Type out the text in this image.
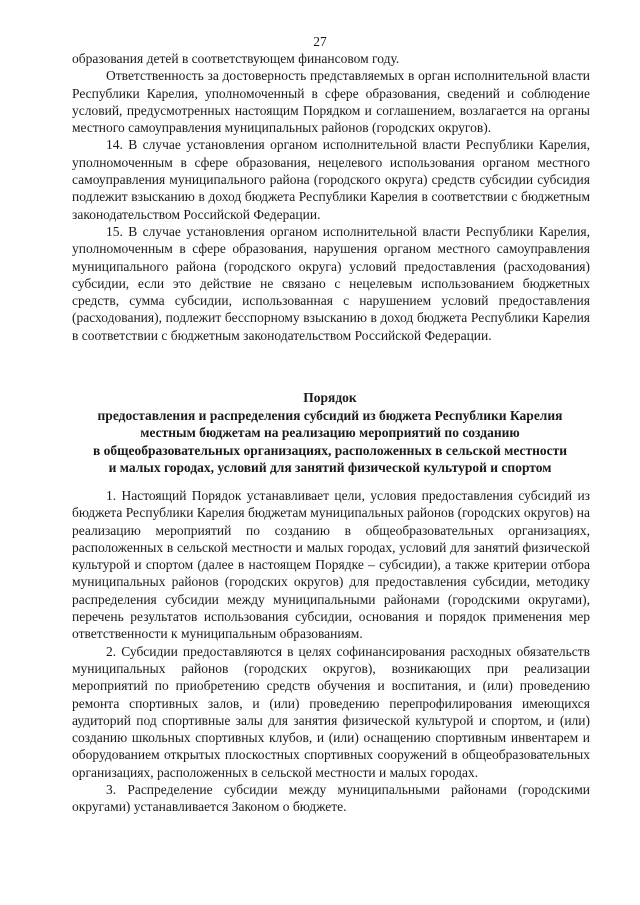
27

образования детей в соответствующем финансовом году.

Ответственность за достоверность представляемых в орган исполнительной власти Республики Карелия, уполномоченный в сфере образования, сведений и соблюдение условий, предусмотренных настоящим Порядком и соглашением, возлагается на органы местного самоуправления муниципальных районов (городских округов).

14. В случае установления органом исполнительной власти Республики Карелия, уполномоченным в сфере образования, нецелевого использования органом местного самоуправления муниципального района (городского округа) средств субсидии субсидия подлежит взысканию в доход бюджета Республики Карелия в соответствии с бюджетным законодательством Российской Федерации.

15. В случае установления органом исполнительной власти Республики Карелия, уполномоченным в сфере образования, нарушения органом местного самоуправления муниципального района (городского округа) условий предоставления (расходования) субсидии, если это действие не связано с нецелевым использованием бюджетных средств, сумма субсидии, использованная с нарушением условий предоставления (расходования), подлежит бесспорному взысканию в доход бюджета Республики Карелия в соответствии с бюджетным законодательством Российской Федерации.

Порядок
предоставления и распределения субсидий из бюджета Республики Карелия
местным бюджетам на реализацию мероприятий по созданию
в общеобразовательных организациях, расположенных в сельской местности
и малых городах, условий для занятий физической культурой и спортом

1. Настоящий Порядок устанавливает цели, условия предоставления субсидий из бюджета Республики Карелия бюджетам муниципальных районов (городских округов) на реализацию мероприятий по созданию в общеобразовательных организациях, расположенных в сельской местности и малых городах, условий для занятий физической культурой и спортом (далее в настоящем Порядке – субсидии), а также критерии отбора муниципальных районов (городских округов) для предоставления субсидии, методику распределения субсидии между муниципальными районами (городскими округами), перечень результатов использования субсидии, основания и порядок применения мер ответственности к муниципальным образованиям.

2. Субсидии предоставляются в целях софинансирования расходных обязательств муниципальных районов (городских округов), возникающих при реализации мероприятий по приобретению средств обучения и воспитания, и (или) проведению ремонта спортивных залов, и (или) проведению перепрофилирования имеющихся аудиторий под спортивные залы для занятия физической культурой и спортом, и (или) созданию школьных спортивных клубов, и (или) оснащению спортивным инвентарем и оборудованием открытых плоскостных спортивных сооружений в общеобразовательных организациях, расположенных в сельской местности и малых городах.

3. Распределение субсидии между муниципальными районами (городскими округами) устанавливается Законом о бюджете.
